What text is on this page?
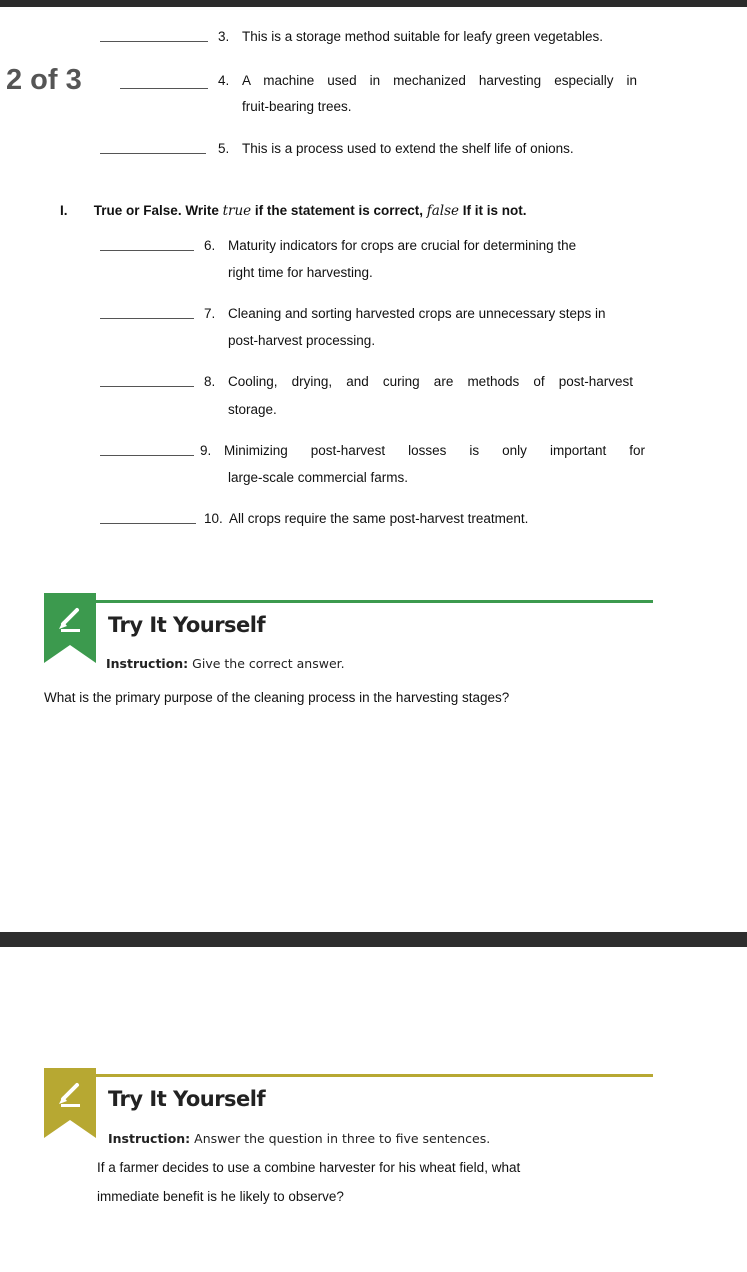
2 of 3
3. This is a storage method suitable for leafy green vegetables.
4. A machine used in mechanized harvesting especially in
fruit-bearing trees.
5. This is a process used to extend the shelf life of onions.
I. True or False. Write true if the statement is correct, false If it is not.
6. Maturity indicators for crops are crucial for determining the
right time for harvesting.
7. Cleaning and sorting harvested crops are unnecessary steps in
post-harvest processing.
8. Cooling, drying, and curing are methods of post-harvest
storage.
9. Minimizing post-harvest losses is only important for
large-scale commercial farms.
10. All crops require the same post-harvest treatment.
Try It Yourself
Instruction: Give the correct answer.
What is the primary purpose of the cleaning process in the harvesting stages?
Try It Yourself
Instruction: Answer the question in three to five sentences.
If a farmer decides to use a combine harvester for his wheat field, what
immediate benefit is he likely to observe?
